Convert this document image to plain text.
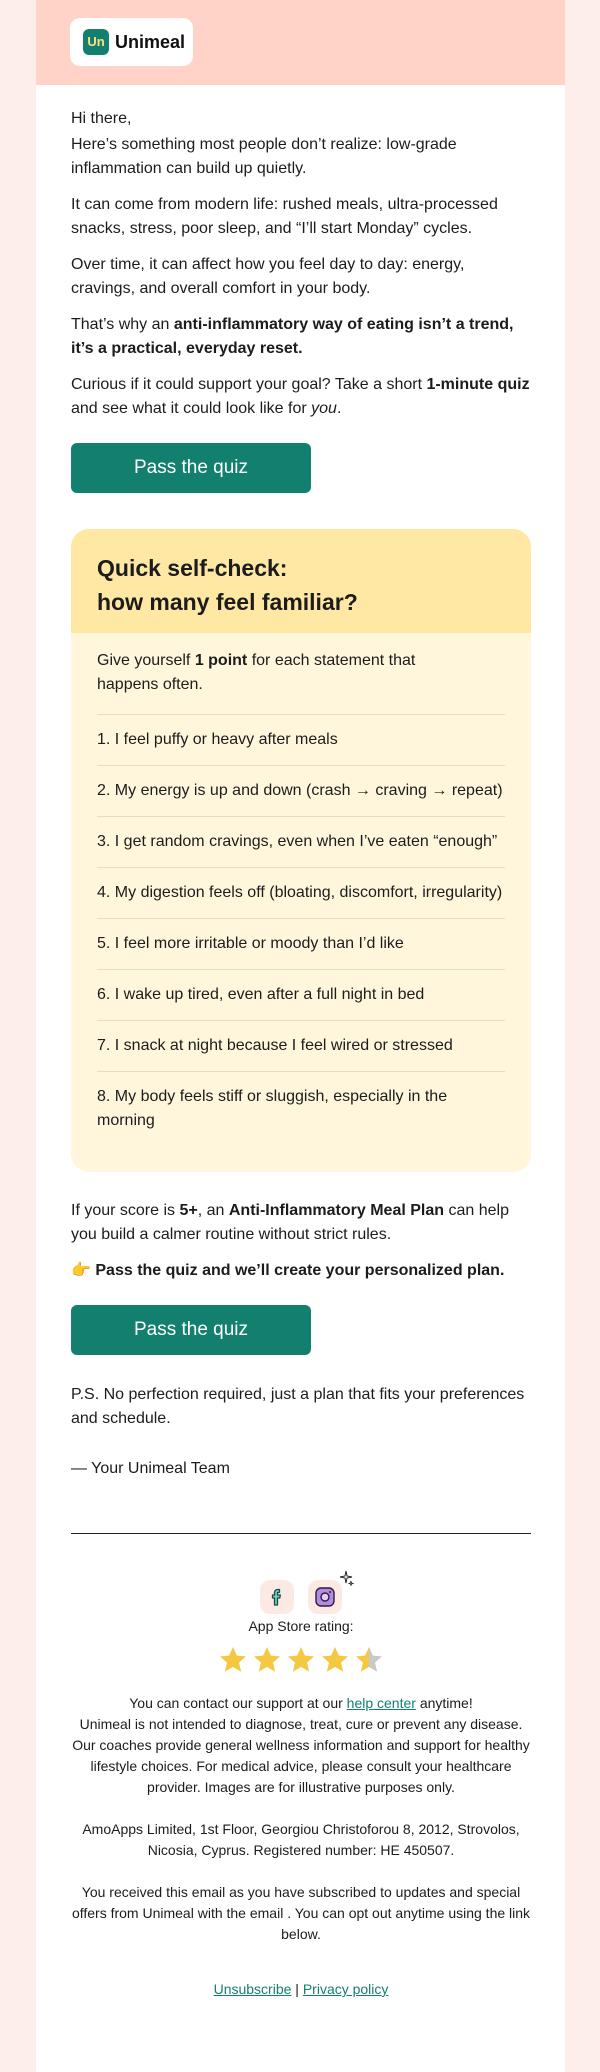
Un Unimeal

Hi there,

Here’s something most people don’t realize: low-grade inflammation can build up quietly.

It can come from modern life: rushed meals, ultra-processed snacks, stress, poor sleep, and “I’ll start Monday” cycles.

Over time, it can affect how you feel day to day: energy, cravings, and overall comfort in your body.

That’s why an anti-inflammatory way of eating isn’t a trend, it’s a practical, everyday reset.

Curious if it could support your goal? Take a short 1-minute quiz and see what it could look like for you.

Pass the quiz
Quick self-check:
how many feel familiar?

Give yourself 1 point for each statement that happens often.

1. I feel puffy or heavy after meals

2. My energy is up and down (crash → craving → repeat)

3. I get random cravings, even when I’ve eaten “enough”

4. My digestion feels off (bloating, discomfort, irregularity)

5. I feel more irritable or moody than I’d like

6. I wake up tired, even after a full night in bed

7. I snack at night because I feel wired or stressed

8. My body feels stiff or sluggish, especially in the morning

If your score is 5+, an Anti-Inflammatory Meal Plan can help you build a calmer routine without strict rules.

👉 Pass the quiz and we’ll create your personalized plan.

Pass the quiz

P.S. No perfection required, just a plan that fits your preferences and schedule.

— Your Unimeal Team

App Store rating:

You can contact our support at our help center anytime!

Unimeal is not intended to diagnose, treat, cure or prevent any disease. Our coaches provide general wellness information and support for healthy lifestyle choices. For medical advice, please consult your healthcare provider. Images are for illustrative purposes only.

AmoApps Limited, 1st Floor, Georgiou Christoforou 8, 2012, Strovolos, Nicosia, Cyprus. Registered number: HE 450507.

You received this email as you have subscribed to updates and special offers from Unimeal with the email . You can opt out anytime using the link below.

Unsubscribe | Privacy policy
